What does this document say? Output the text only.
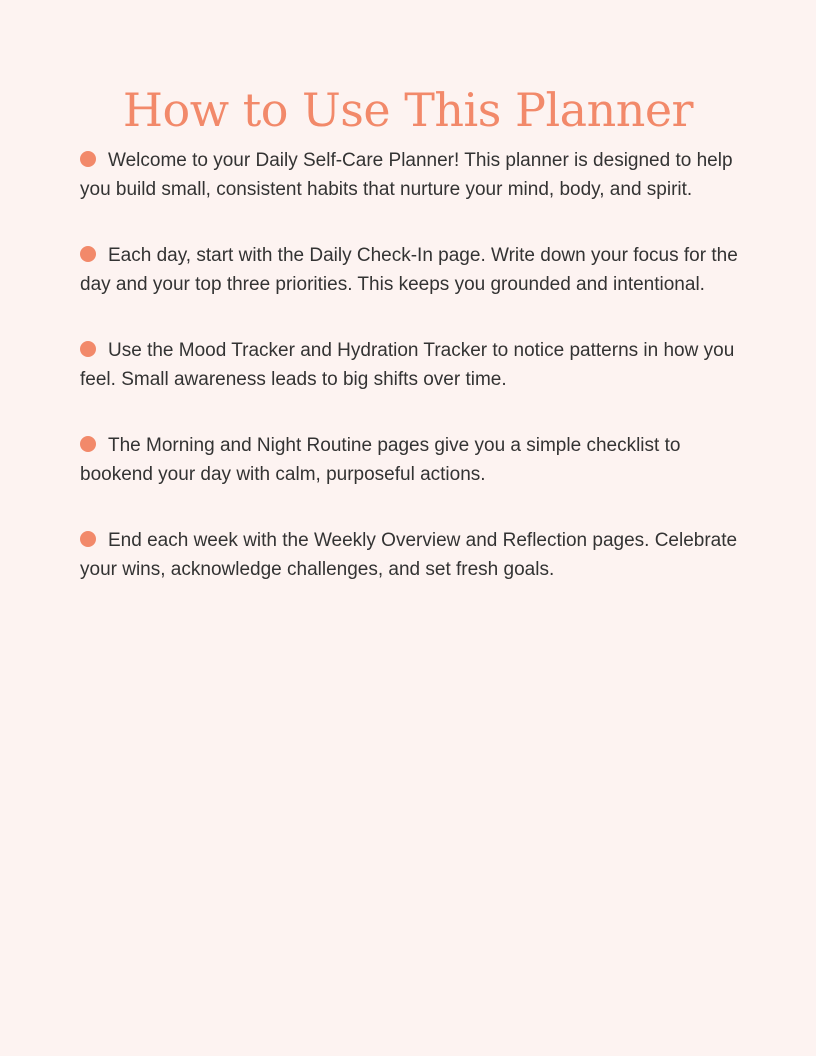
How to Use This Planner

Welcome to your Daily Self-Care Planner! This planner is designed to help you build small, consistent habits that nurture your mind, body, and spirit.

Each day, start with the Daily Check-In page. Write down your focus for the day and your top three priorities. This keeps you grounded and intentional.

Use the Mood Tracker and Hydration Tracker to notice patterns in how you feel. Small awareness leads to big shifts over time.

The Morning and Night Routine pages give you a simple checklist to bookend your day with calm, purposeful actions.

End each week with the Weekly Overview and Reflection pages. Celebrate your wins, acknowledge challenges, and set fresh goals.
